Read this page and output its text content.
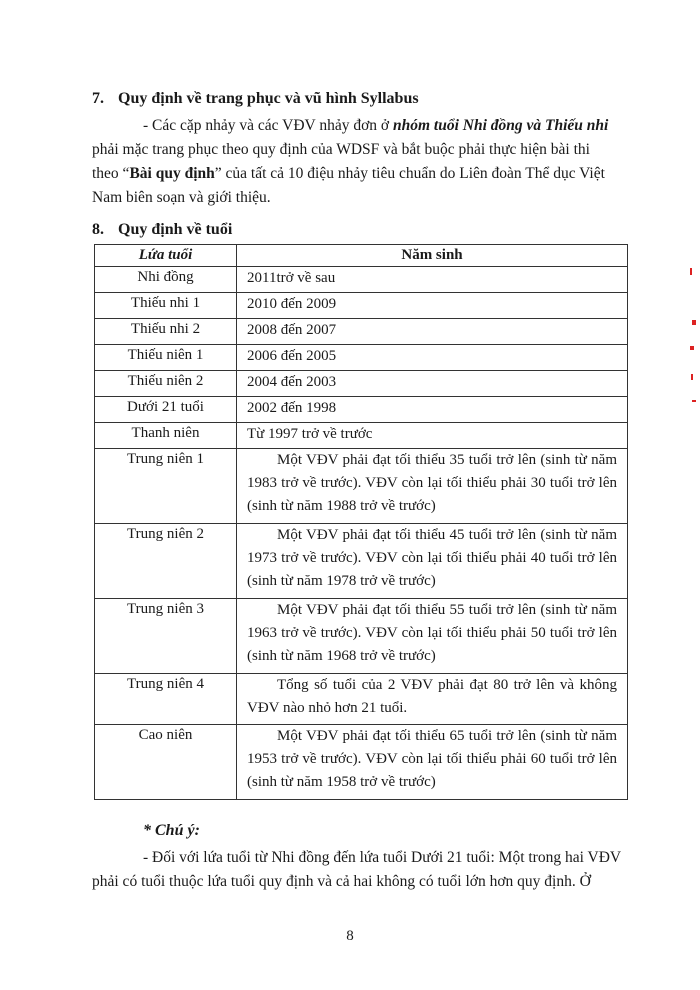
7. Quy định về trang phục và vũ hình Syllabus
- Các cặp nhảy và các VĐV nhảy đơn ở nhóm tuổi Nhi đồng và Thiếu nhi
phải mặc trang phục theo quy định của WDSF và bắt buộc phải thực hiện bài thi
theo “Bài quy định” của tất cả 10 điệu nhảy tiêu chuẩn do Liên đoàn Thể dục Việt
Nam biên soạn và giới thiệu.
8. Quy định về tuổi
Lứa tuổi	Năm sinh
Nhi đồng	2011trở về sau
Thiếu nhi 1	2010 đến 2009
Thiếu nhi 2	2008 đến 2007
Thiếu niên 1	2006 đến 2005
Thiếu niên 2	2004 đến 2003
Dưới 21 tuổi	2002 đến 1998
Thanh niên	Từ 1997 trở về trước
Trung niên 1	Một VĐV phải đạt tối thiểu 35 tuổi trở lên (sinh từ năm 1983 trở về trước). VĐV còn lại tối thiểu phải 30 tuổi trở lên (sinh từ năm 1988 trở về trước)
Trung niên 2	Một VĐV phải đạt tối thiểu 45 tuổi trở lên (sinh từ năm 1973 trở về trước). VĐV còn lại tối thiểu phải 40 tuổi trở lên (sinh từ năm 1978 trở về trước)
Trung niên 3	Một VĐV phải đạt tối thiểu 55 tuổi trở lên (sinh từ năm 1963 trở về trước). VĐV còn lại tối thiểu phải 50 tuổi trở lên (sinh từ năm 1968 trở về trước)
Trung niên 4	Tổng số tuổi của 2 VĐV phải đạt 80 trở lên và không VĐV nào nhỏ hơn 21 tuổi.
Cao niên	Một VĐV phải đạt tối thiểu 65 tuổi trở lên (sinh từ năm 1953 trở về trước). VĐV còn lại tối thiểu phải 60 tuổi trở lên (sinh từ năm 1958 trở về trước)
* Chú ý:
- Đối với lứa tuổi từ Nhi đồng đến lứa tuổi Dưới 21 tuổi: Một trong hai VĐV
phải có tuổi thuộc lứa tuổi quy định và cả hai không có tuổi lớn hơn quy định. Ở
8
